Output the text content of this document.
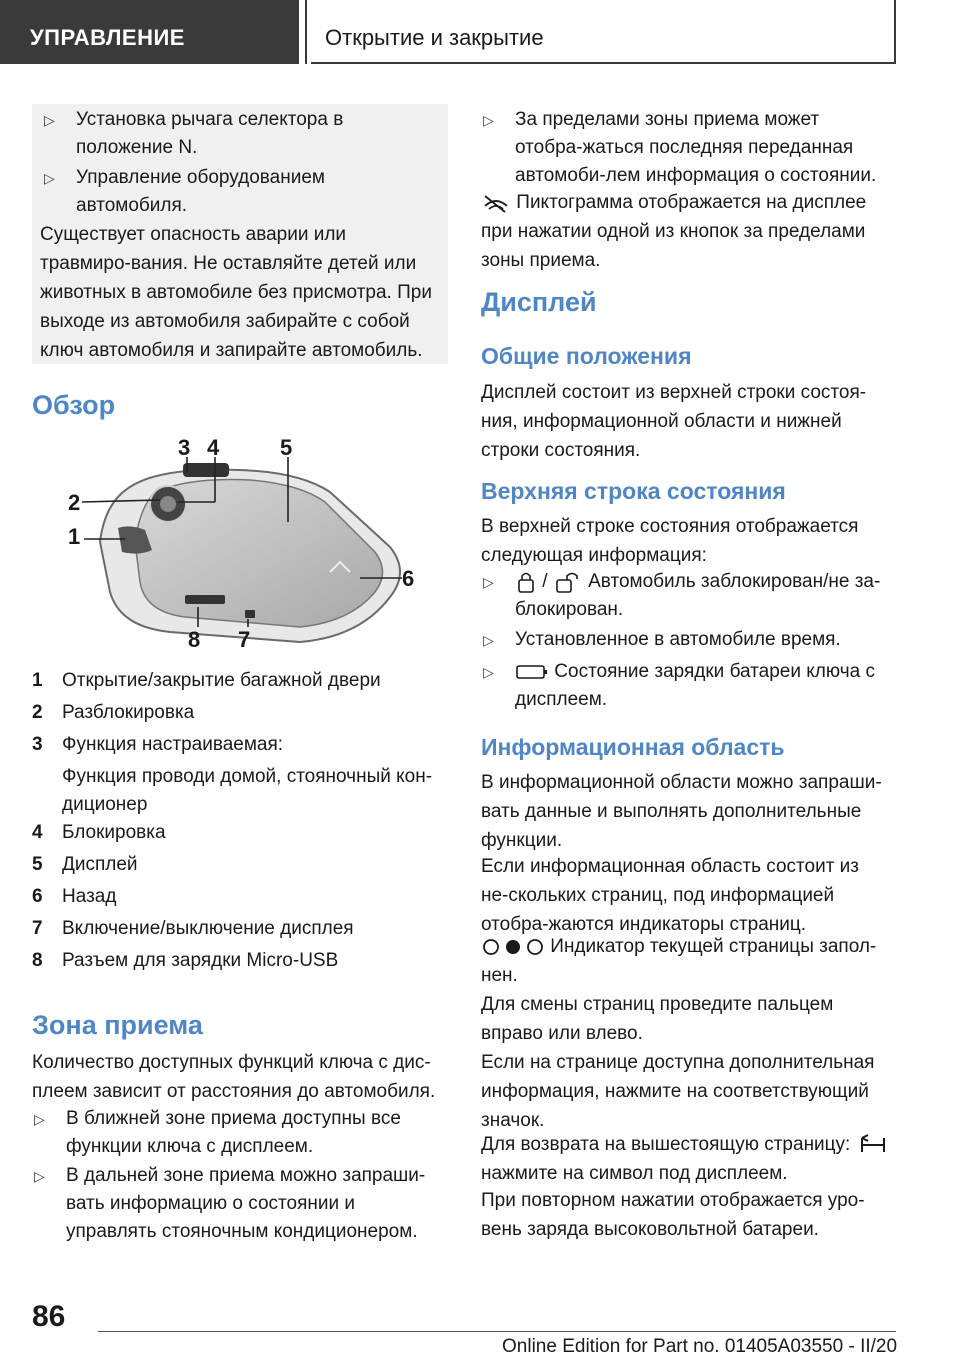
УПРАВЛЕНИЕ	Открытие и закрытие
▷ Установка рычага селектора в положение N.
▷ Управление оборудованием автомобиля.
Существует опасность аварии или травмиро-вания. Не оставляйте детей или животных в автомобиле без присмотра. При выходе из автомобиля забирайте с собой ключ автомобиля и запирайте автомобиль.
Обзор
1
2
3 4	5
6
7
8
1 Открытие/закрытие багажной двери
2 Разблокировка
3 Функция настраиваемая:
Функция проводи домой, стояночный кон-диционер
4 Блокировка
5 Дисплей
6 Назад
7 Включение/выключение дисплея
8 Разъем для зарядки Micro-USB
Зона приема
Количество доступных функций ключа с дис-плеем зависит от расстояния до автомобиля.
▷ В ближней зоне приема доступны все функции ключа с дисплеем.
▷ В дальней зоне приема можно запраши-вать информацию о состоянии и управлять стояночным кондиционером.
▷ За пределами зоны приема может отобра-жаться последняя переданная автомоби-лем информация о состоянии.
Пиктограмма отображается на дисплее при нажатии одной из кнопок за пределами зоны приема.
Дисплей
Общие положения
Дисплей состоит из верхней строки состоя-ния, информационной области и нижней строки состояния.
Верхняя строка состояния
В верхней строке состояния отображается следующая информация:
▷	/ Автомобиль заблокирован/не за-блокирован.
▷ Установленное в автомобиле время.
▷	Состояние зарядки батареи ключа с дисплеем.
Информационная область
В информационной области можно запраши-вать данные и выполнять дополнительные функции.
Если информационная область состоит из не-скольких страниц, под информацией отобра-жаются индикаторы страниц.
Индикатор текущей страницы запол-нен.
Для смены страниц проведите пальцем вправо или влево.
Если на странице доступна дополнительная информация, нажмите на соответствующий значок.
Для возврата на вышестоящую страницу:
нажмите на символ под дисплеем.
При повторном нажатии отображается уро-вень заряда высоковольтной батареи.
86
Online Edition for Part no. 01405A03550 - II/20
